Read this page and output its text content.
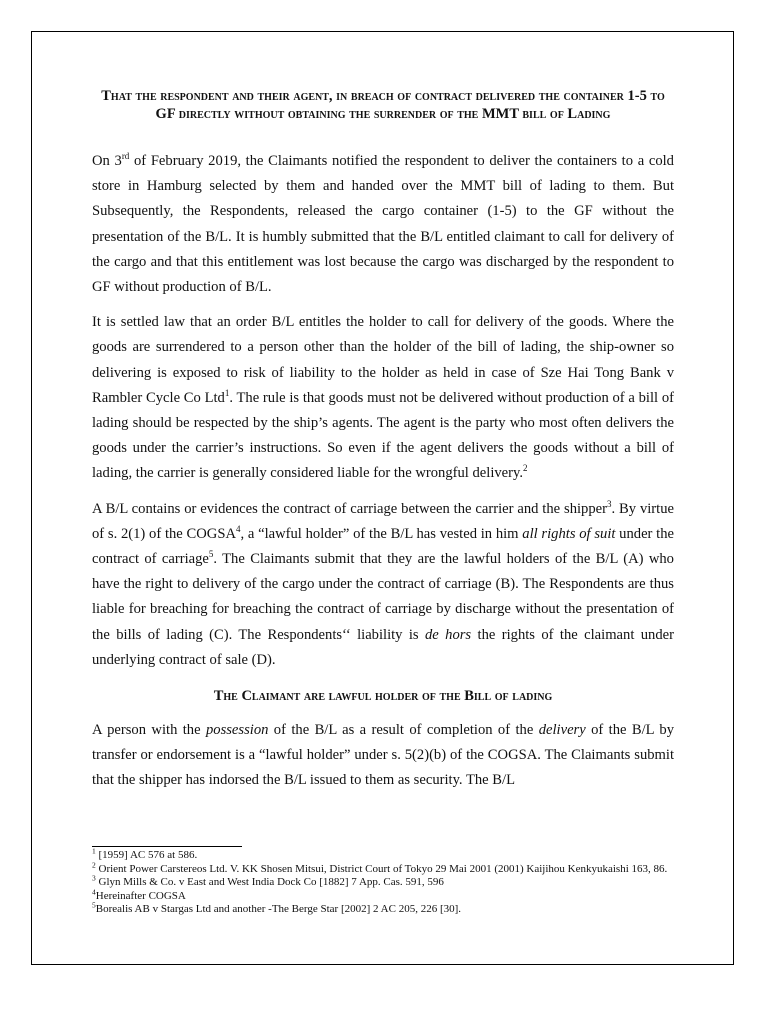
That the respondent and their agent, in breach of contract delivered the container 1-5 to GF directly without obtaining the surrender of the MMT bill of Lading

On 3rd of February 2019, the Claimants notified the respondent to deliver the containers to a cold store in Hamburg selected by them and handed over the MMT bill of lading to them. But Subsequently, the Respondents, released the cargo container (1-5) to the GF without the presentation of the B/L. It is humbly submitted that the B/L entitled claimant to call for delivery of the cargo and that this entitlement was lost because the cargo was discharged by the respondent to GF without production of B/L.

It is settled law that an order B/L entitles the holder to call for delivery of the goods. Where the goods are surrendered to a person other than the holder of the bill of lading, the ship-owner so delivering is exposed to risk of liability to the holder as held in case of Sze Hai Tong Bank v Rambler Cycle Co Ltd$^1$. The rule is that goods must not be delivered without production of a bill of lading should be respected by the ship’s agents. The agent is the party who most often delivers the goods under the carrier’s instructions. So even if the agent delivers the goods without a bill of lading, the carrier is generally considered liable for the wrongful delivery.$^2$

A B/L contains or evidences the contract of carriage between the carrier and the shipper$^3$. By virtue of s. 2(1) of the COGSA$^4$, a “lawful holder” of the B/L has vested in him all rights of suit under the contract of carriage$^5$. The Claimants submit that they are the lawful holders of the B/L (A) who have the right to delivery of the cargo under the contract of carriage (B). The Respondents are thus liable for breaching for breaching the contract of carriage by discharge without the presentation of the bills of lading (C). The Respondents‘‘ liability is de hors the rights of the claimant under underlying contract of sale (D).

The Claimant are lawful holder of the Bill of lading

A person with the possession of the B/L as a result of completion of the delivery of the B/L by transfer or endorsement is a “lawful holder” under s. 5(2)(b) of the COGSA. The Claimants submit that the shipper has indorsed the B/L issued to them as security. The B/L

$^1$ [1959] AC 576 at 586.

$^2$ Orient Power Carstereos Ltd. V. KK Shosen Mitsui, District Court of Tokyo 29 Mai 2001 (2001) Kaijihou Kenkyukaishi 163, 86.

$^3$ Glyn Mills & Co. v East and West India Dock Co [1882] 7 App. Cas. 591, 596

$^4$Hereinafter COGSA

$^5$Borealis AB v Stargas Ltd and another -The Berge Star [2002] 2 AC 205, 226 [30].
